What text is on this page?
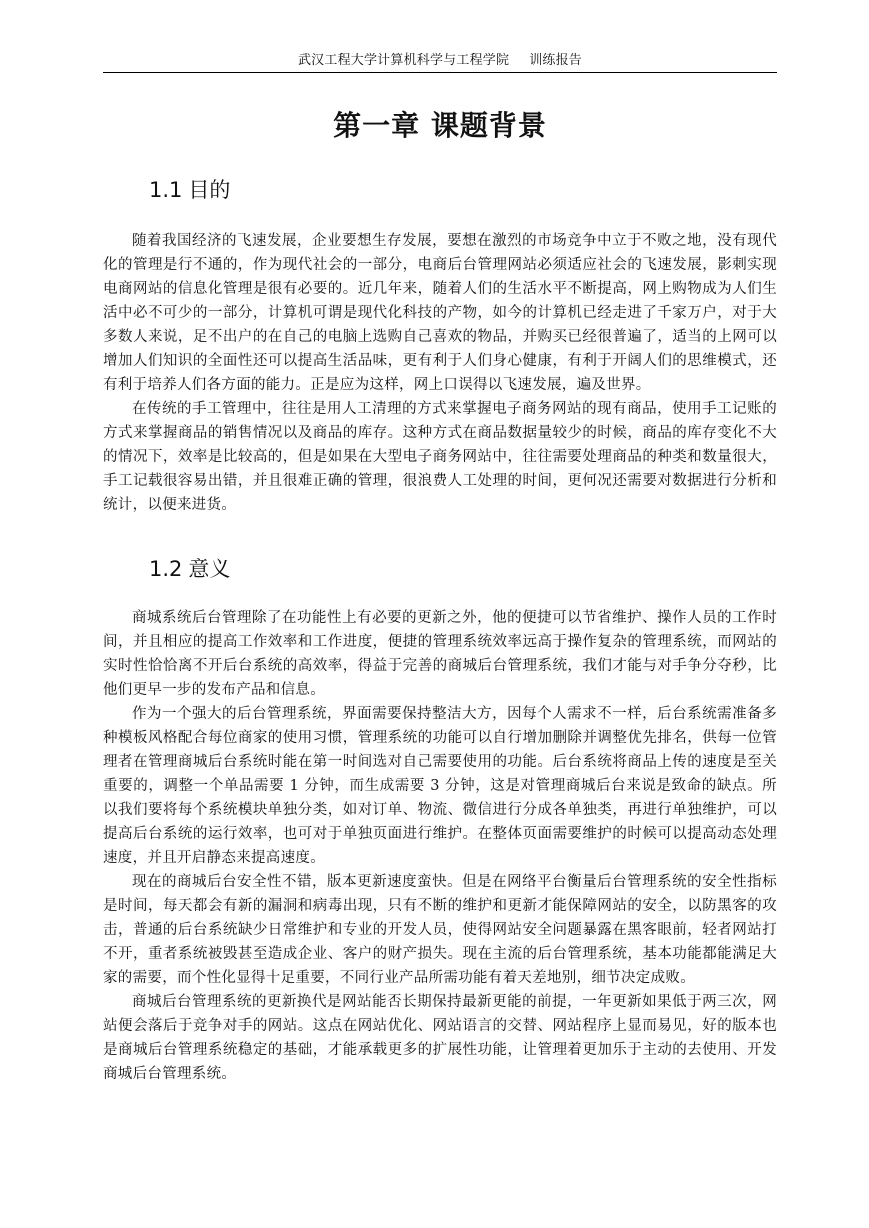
武汉工程大学计算机科学与工程学院 训练报告
第一章 课题背景
1.1 目的

随着我国经济的飞速发展，企业要想生存发展，要想在激烈的市场竞争中立于不败之地，没有现代化的管理是行不通的，作为现代社会的一部分，电商后台管理网站必须适应社会的飞速发展，影刺实现电商网站的信息化管理是很有必要的。近几年来，随着人们的生活水平不断提高，网上购物成为人们生活中必不可少的一部分，计算机可谓是现代化科技的产物，如今的计算机已经走进了千家万户，对于大多数人来说，足不出户的在自己的电脑上选购自己喜欢的物品，并购买已经很普遍了，适当的上网可以增加人们知识的全面性还可以提高生活品味，更有利于人们身心健康，有利于开阔人们的思维模式，还有利于培养人们各方面的能力。正是应为这样，网上口误得以飞速发展，遍及世界。

在传统的手工管理中，往往是用人工清理的方式来掌握电子商务网站的现有商品，使用手工记账的方式来掌握商品的销售情况以及商品的库存。这种方式在商品数据量较少的时候，商品的库存变化不大的情况下，效率是比较高的，但是如果在大型电子商务网站中，往往需要处理商品的种类和数量很大，手工记载很容易出错，并且很难正确的管理，很浪费人工处理的时间，更何况还需要对数据进行分析和统计，以便来进货。

1.2 意义

商城系统后台管理除了在功能性上有必要的更新之外，他的便捷可以节省维护、操作人员的工作时间，并且相应的提高工作效率和工作进度，便捷的管理系统效率远高于操作复杂的管理系统，而网站的实时性恰恰离不开后台系统的高效率，得益于完善的商城后台管理系统，我们才能与对手争分夺秒，比他们更早一步的发布产品和信息。

作为一个强大的后台管理系统，界面需要保持整洁大方，因每个人需求不一样，后台系统需准备多种模板风格配合每位商家的使用习惯，管理系统的功能可以自行增加删除并调整优先排名，供每一位管理者在管理商城后台系统时能在第一时间选对自己需要使用的功能。后台系统将商品上传的速度是至关重要的，调整一个单品需要 1 分钟，而生成需要 3 分钟，这是对管理商城后台来说是致命的缺点。所以我们要将每个系统模块单独分类，如对订单、物流、微信进行分成各单独类，再进行单独维护，可以提高后台系统的运行效率，也可对于单独页面进行维护。在整体页面需要维护的时候可以提高动态处理速度，并且开启静态来提高速度。

现在的商城后台安全性不错，版本更新速度蛮快。但是在网络平台衡量后台管理系统的安全性指标是时间，每天都会有新的漏洞和病毒出现，只有不断的维护和更新才能保障网站的安全，以防黑客的攻击，普通的后台系统缺少日常维护和专业的开发人员，使得网站安全问题暴露在黑客眼前，轻者网站打不开，重者系统被毁甚至造成企业、客户的财产损失。现在主流的后台管理系统，基本功能都能满足大家的需要，而个性化显得十足重要，不同行业产品所需功能有着天差地别，细节决定成败。

商城后台管理系统的更新换代是网站能否长期保持最新更能的前提，一年更新如果低于两三次，网站便会落后于竞争对手的网站。这点在网站优化、网站语言的交替、网站程序上显而易见，好的版本也是商城后台管理系统稳定的基础，才能承载更多的扩展性功能，让管理着更加乐于主动的去使用、开发商城后台管理系统。
